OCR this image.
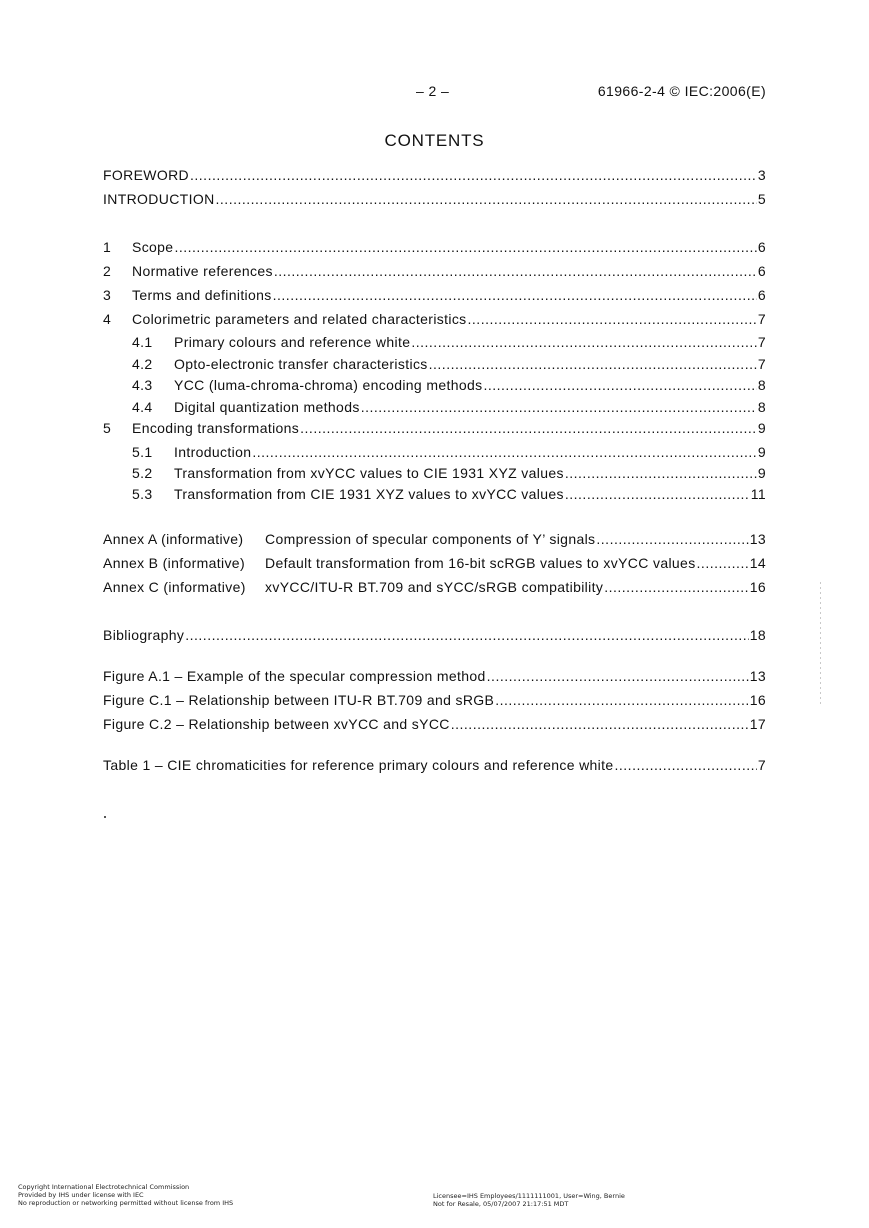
– 2 –	61966-2-4 © IEC:2006(E)
CONTENTS
FOREWORD .....	3
INTRODUCTION .....	5
1	Scope .....	6
2	Normative references .....	6
3	Terms and definitions .....	6
4	Colorimetric parameters and related characteristics .....	7
4.1	Primary colours and reference white .....	7
4.2	Opto-electronic transfer characteristics .....	7
4.3	YCC (luma-chroma-chroma) encoding methods .....	8
4.4	Digital quantization methods .....	8
5	Encoding transformations .....	9
5.1	Introduction .....	9
5.2	Transformation from xvYCC values to CIE 1931 XYZ values .....	9
5.3	Transformation from CIE 1931 XYZ values to xvYCC values .....	11
Annex A (informative)	Compression of specular components of Y’ signals .....	13
Annex B (informative)	Default transformation from 16-bit scRGB values to xvYCC values .....	14
Annex C (informative)	xvYCC/ITU-R BT.709 and sYCC/sRGB compatibility .....	16
Bibliography .....	18
Figure A.1 – Example of the specular compression method .....	13
Figure C.1 – Relationship between ITU-R BT.709 and sRGB .....	16
Figure C.2 – Relationship between xvYCC and sYCC .....	17
Table 1 – CIE chromaticities for reference primary colours and reference white .....	7
Copyright International Electrotechnical Commission
Provided by IHS under license with IEC
No reproduction or networking permitted without license from IHS
Licensee=IHS Employees/1111111001, User=Wing, Bernie
Not for Resale, 05/07/2007 21:17:51 MDT
